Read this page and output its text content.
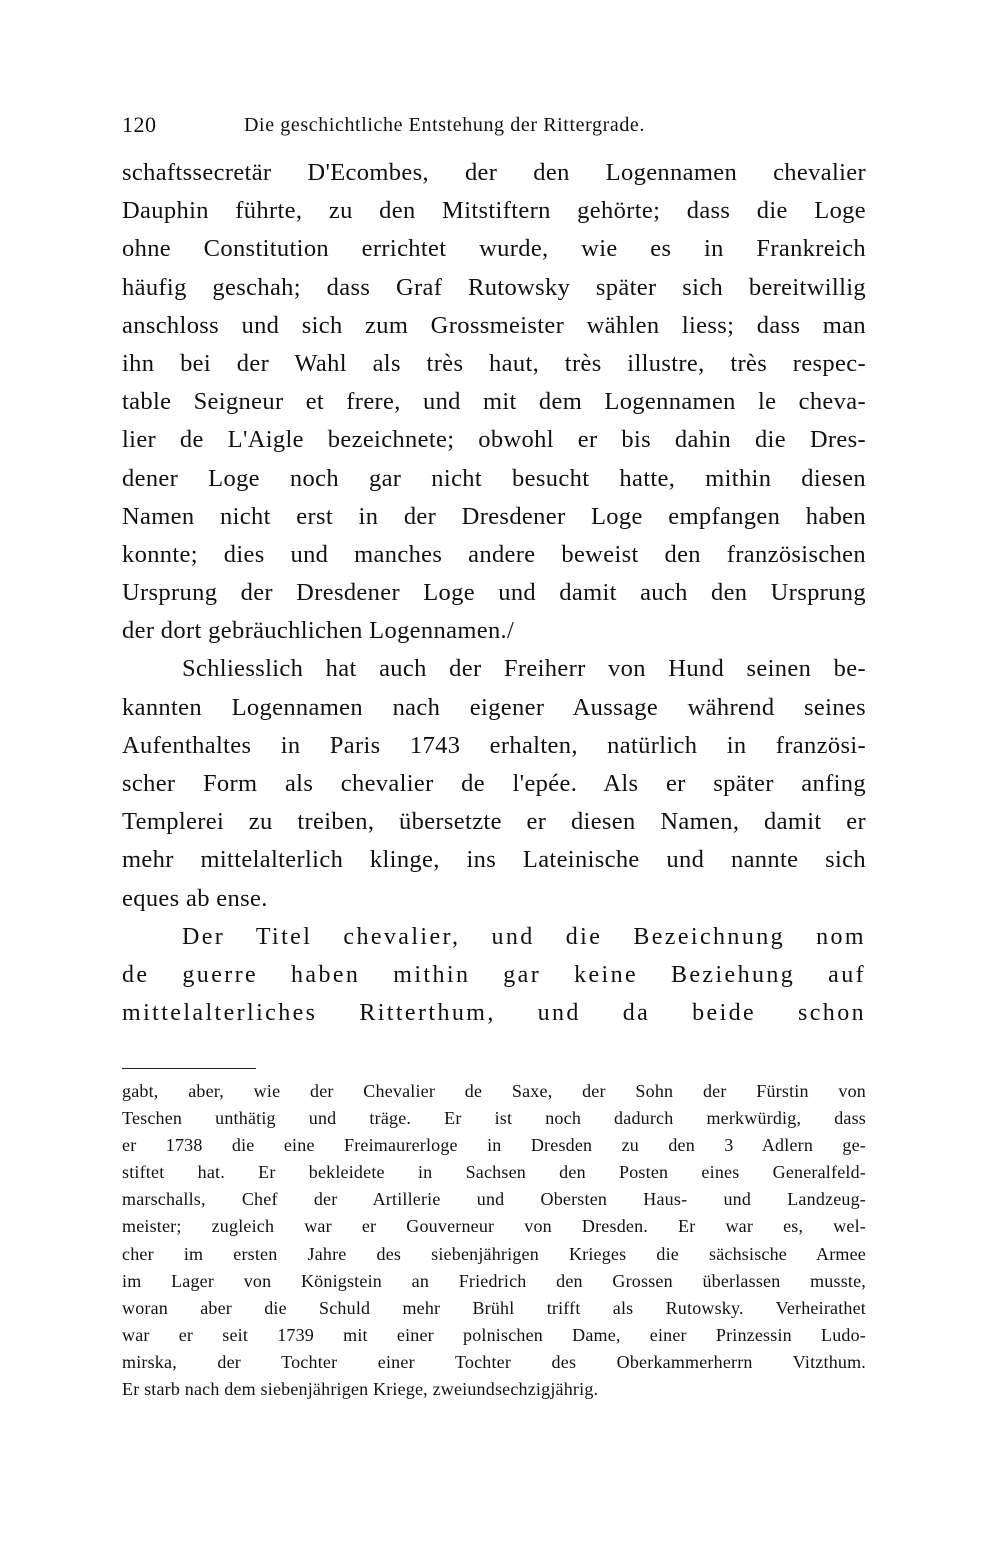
120	Die geschichtliche Entstehung der Rittergrade.
schaftssecretär D'Ecombes, der den Logennamen chevalier
Dauphin führte, zu den Mitstiftern gehörte; dass die Loge
ohne Constitution errichtet wurde, wie es in Frankreich
häufig geschah; dass Graf Rutowsky später sich bereitwillig
anschloss und sich zum Grossmeister wählen liess; dass man
ihn bei der Wahl als très haut, très illustre, très respec-
table Seigneur et frere, und mit dem Logennamen le cheva-
lier de L'Aigle bezeichnete; obwohl er bis dahin die Dres-
dener Loge noch gar nicht besucht hatte, mithin diesen
Namen nicht erst in der Dresdener Loge empfangen haben
konnte; dies und manches andere beweist den französischen
Ursprung der Dresdener Loge und damit auch den Ursprung
der dort gebräuchlichen Logennamen./
Schliesslich hat auch der Freiherr von Hund seinen be-
kannten Logennamen nach eigener Aussage während seines
Aufenthaltes in Paris 1743 erhalten, natürlich in französi-
scher Form als chevalier de l'epée. Als er später anfing
Templerei zu treiben, übersetzte er diesen Namen, damit er
mehr mittelalterlich klinge, ins Lateinische und nannte sich
eques ab ense.
Der Titel chevalier, und die Bezeichnung nom
de guerre haben mithin gar keine Beziehung auf
mittelalterliches Ritterthum, und da beide schon
gabt, aber, wie der Chevalier de Saxe, der Sohn der Fürstin von
Teschen unthätig und träge. Er ist noch dadurch merkwürdig, dass
er 1738 die eine Freimaurerloge in Dresden zu den 3 Adlern ge-
stiftet hat. Er bekleidete in Sachsen den Posten eines Generalfeld-
marschalls, Chef der Artillerie und Obersten Haus- und Landzeug-
meister; zugleich war er Gouverneur von Dresden. Er war es, wel-
cher im ersten Jahre des siebenjährigen Krieges die sächsische Armee
im Lager von Königstein an Friedrich den Grossen überlassen musste,
woran aber die Schuld mehr Brühl trifft als Rutowsky. Verheirathet
war er seit 1739 mit einer polnischen Dame, einer Prinzessin Ludo-
mirska, der Tochter einer Tochter des Oberkammerherrn Vitzthum.
Er starb nach dem siebenjährigen Kriege, zweiundsechzigjährig.
